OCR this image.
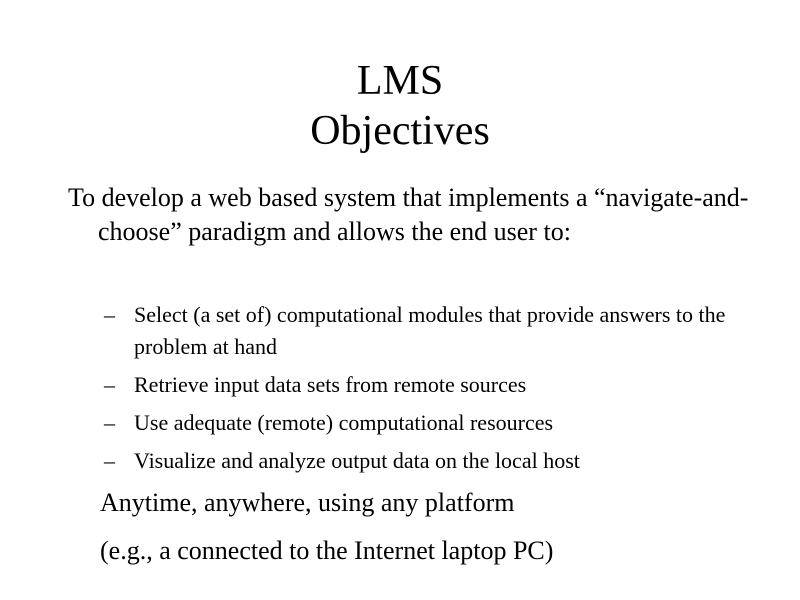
LMS
Objectives

To develop a web based system that implements a “navigate-and-choose” paradigm and allows the end user to:

– Select (a set of) computational modules that provide answers to the problem at hand
– Retrieve input data sets from remote sources
– Use adequate (remote) computational resources
– Visualize and analyze output data on the local host

Anytime, anywhere, using any platform

(e.g., a connected to the Internet laptop PC)
